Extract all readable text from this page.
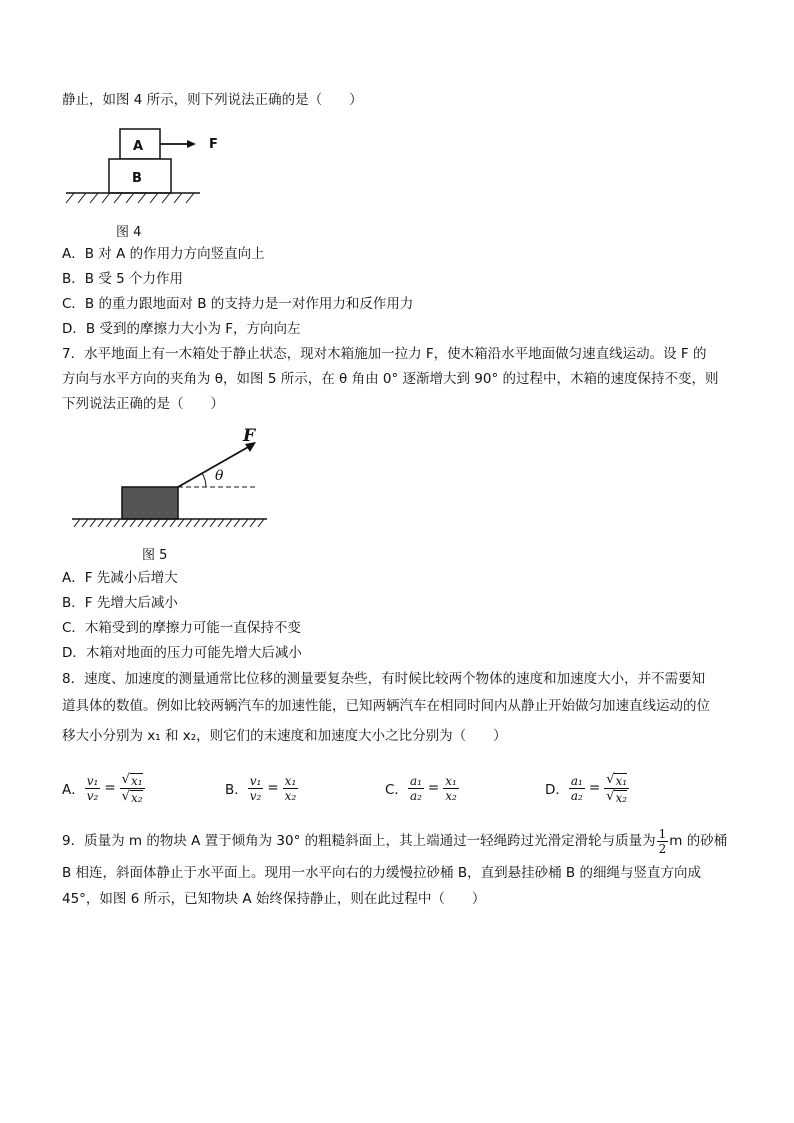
静止，如图 4 所示，则下列说法正确的是（　　）
A
B
F
图 4
A．B 对 A 的作用力方向竖直向上
B．B 受 5 个力作用
C．B 的重力跟地面对 B 的支持力是一对作用力和反作用力
D．B 受到的摩擦力大小为 F，方向向左
7．水平地面上有一木箱处于静止状态，现对木箱施加一拉力 F，使木箱沿水平地面做匀速直线运动。设 F 的
方向与水平方向的夹角为 θ，如图 5 所示，在 θ 角由 0° 逐渐增大到 90° 的过程中，木箱的速度保持不变，则
下列说法正确的是（　　）
F
θ
图 5
A．F 先减小后增大
B．F 先增大后减小
C．木箱受到的摩擦力可能一直保持不变
D．木箱对地面的压力可能先增大后减小
8．速度、加速度的测量通常比位移的测量要复杂些，有时候比较两个物体的速度和加速度大小，并不需要知
道具体的数值。例如比较两辆汽车的加速性能，已知两辆汽车在相同时间内从静止开始做匀加速直线运动的位
移大小分别为 x₁ 和 x₂，则它们的末速度和加速度大小之比分别为（　　）
A． $\frac{\text{v₁}}{\text{v₂}} = \frac{\text{√ x₁}}{\text{√ x₂}}$	B． $\frac{\text{v₁}}{\text{v₂}} = \frac{\text{x₁}}{\text{x₂}}$	C． $\frac{\text{a₁}}{\text{a₂}} = \frac{\text{x₁}}{\text{x₂}}$	D． $\frac{\text{a₁}}{\text{a₂}} = \frac{\text{√ x₁}}{\text{√ x₂}}$
9．质量为 m 的物块 A 置于倾角为 30° 的粗糙斜面上，其上端通过一轻绳跨过光滑定滑轮与质量为 $\frac{1}{2}$ m 的砂桶
B 相连，斜面体静止于水平面上。现用一水平向右的力缓慢拉砂桶 B，直到悬挂砂桶 B 的细绳与竖直方向成
45°，如图 6 所示，已知物块 A 始终保持静止，则在此过程中（　　）
